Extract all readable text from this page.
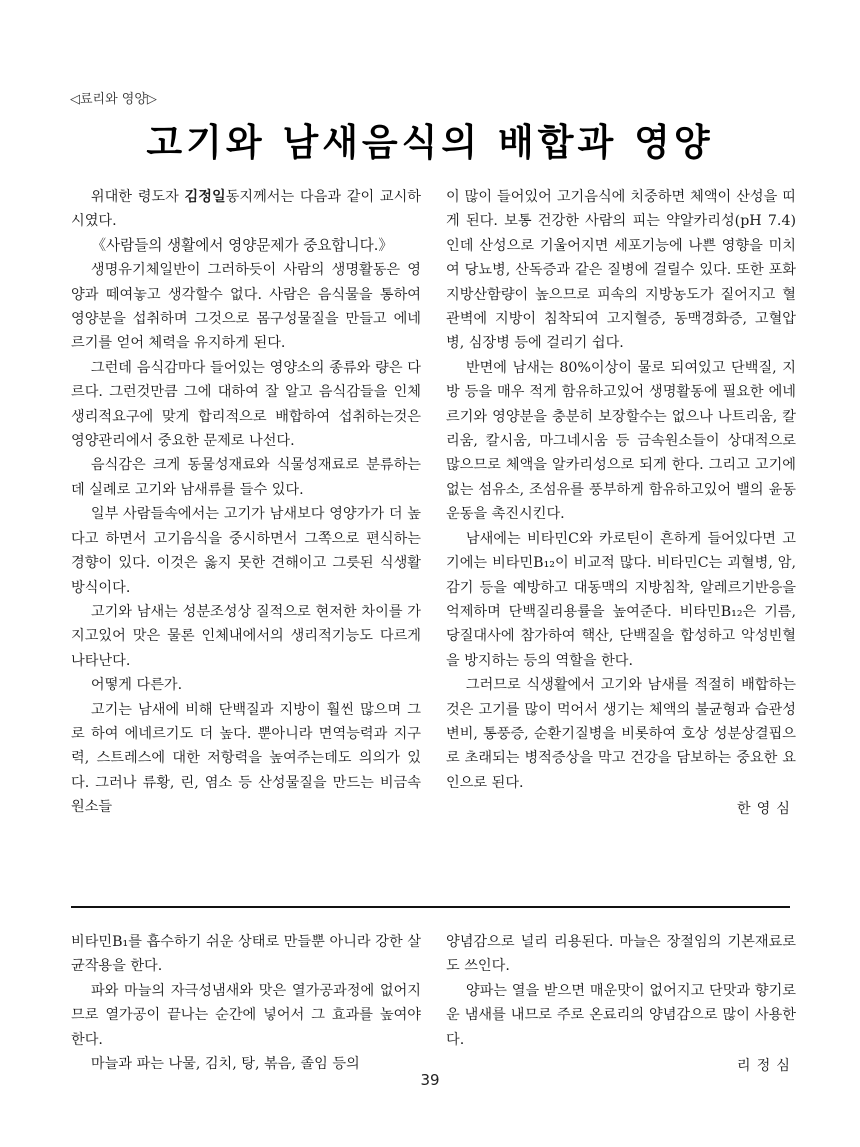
◁료리와 영양▷
고기와 남새음식의 배합과 영양

위대한 령도자 김정일동지께서는 다음과 같이 교시하시였다.

《사람들의 생활에서 영양문제가 중요합니다.》

생명유기체일반이 그러하듯이 사람의 생명활동은 영양과 떼여놓고 생각할수 없다. 사람은 음식물을 통하여 영양분을 섭취하며 그것으로 몸구성물질을 만들고 에네르기를 얻어 체력을 유지하게 된다.

그런데 음식감마다 들어있는 영양소의 종류와 량은 다르다. 그런것만큼 그에 대하여 잘 알고 음식감들을 인체생리적요구에 맞게 합리적으로 배합하여 섭취하는것은 영양관리에서 중요한 문제로 나선다.

음식감은 크게 동물성재료와 식물성재료로 분류하는데 실례로 고기와 남새류를 들수 있다.

일부 사람들속에서는 고기가 남새보다 영양가가 더 높다고 하면서 고기음식을 중시하면서 그쪽으로 편식하는 경향이 있다. 이것은 옳지 못한 견해이고 그릇된 식생활방식이다.

고기와 남새는 성분조성상 질적으로 현저한 차이를 가지고있어 맛은 물론 인체내에서의 생리적기능도 다르게 나타난다.

어떻게 다른가.

고기는 남새에 비해 단백질과 지방이 훨씬 많으며 그로 하여 에네르기도 더 높다. 뿐아니라 면역능력과 지구력, 스트레스에 대한 저항력을 높여주는데도 의의가 있다. 그러나 류황, 린, 염소 등 산성물질을 만드는 비금속원소들

이 많이 들어있어 고기음식에 치중하면 체액이 산성을 띠게 된다. 보통 건강한 사람의 피는 약알카리성(pH 7.4)인데 산성으로 기울어지면 세포기능에 나쁜 영향을 미치여 당뇨병, 산독증과 같은 질병에 걸릴수 있다. 또한 포화지방산함량이 높으므로 피속의 지방농도가 짙어지고 혈관벽에 지방이 침착되여 고지혈증, 동맥경화증, 고혈압병, 심장병 등에 걸리기 쉽다.

반면에 남새는 80%이상이 물로 되여있고 단백질, 지방 등을 매우 적게 함유하고있어 생명활동에 필요한 에네르기와 영양분을 충분히 보장할수는 없으나 나트리움, 칼리움, 칼시움, 마그네시움 등 금속원소들이 상대적으로 많으므로 체액을 알카리성으로 되게 한다. 그리고 고기에 없는 섬유소, 조섬유를 풍부하게 함유하고있어 밸의 윤동운동을 촉진시킨다.

남새에는 비타민C와 카로틴이 흔하게 들어있다면 고기에는 비타민B₁₂이 비교적 많다. 비타민C는 괴혈병, 암, 감기 등을 예방하고 대동맥의 지방침착, 알레르기반응을 억제하며 단백질리용률을 높여준다. 비타민B₁₂은 기름, 당질대사에 참가하여 핵산, 단백질을 합성하고 악성빈혈을 방지하는 등의 역할을 한다.

그러므로 식생활에서 고기와 남새를 적절히 배합하는것은 고기를 많이 먹어서 생기는 체액의 불균형과 습관성변비, 통풍증, 순환기질병을 비롯하여 호상 성분상결핍으로 초래되는 병적증상을 막고 건강을 담보하는 중요한 요인으로 된다.

한영심

비타민B₁를 흡수하기 쉬운 상태로 만들뿐 아니라 강한 살균작용을 한다.

파와 마늘의 자극성냄새와 맛은 열가공과정에 없어지므로 열가공이 끝나는 순간에 넣어서 그 효과를 높여야 한다.

마늘과 파는 나물, 김치, 탕, 볶음, 졸임 등의

양념감으로 널리 리용된다. 마늘은 장절임의 기본재료로도 쓰인다.

양파는 열을 받으면 매운맛이 없어지고 단맛과 향기로운 냄새를 내므로 주로 온료리의 양념감으로 많이 사용한다.

리정심

39
